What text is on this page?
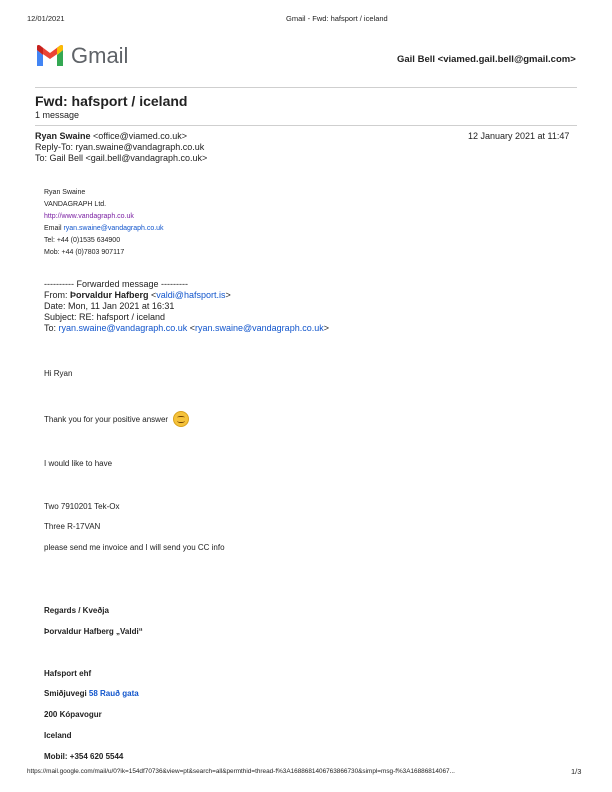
12/01/2021	Gmail - Fwd: hafsport / iceland
Gmail	Gail Bell <viamed.gail.bell@gmail.com>
Fwd: hafsport / iceland
1 message
Ryan Swaine <office@viamed.co.uk>	12 January 2021 at 11:47
Reply-To: ryan.swaine@vandagraph.co.uk
To: Gail Bell <gail.bell@vandagraph.co.uk>
Ryan Swaine
VANDAGRAPH Ltd.
http://www.vandagraph.co.uk
Email ryan.swaine@vandagraph.co.uk
Tel: +44 (0)1535 634900
Mob: +44 (0)7803 907117
---------- Forwarded message ---------
From: Þorvaldur Hafberg <valdi@hafsport.is>
Date: Mon, 11 Jan 2021 at 16:31
Subject: RE: hafsport / iceland
To: ryan.swaine@vandagraph.co.uk <ryan.swaine@vandagraph.co.uk>
Hi Ryan
Thank you for your positive answer
I would like to have
Two 7910201 Tek-Ox
Three R-17VAN
please send me invoice and I will send you CC info
Regards / Kveðja
Þorvaldur Hafberg „Valdi“
Hafsport ehf
Smiðjuvegi 58 Rauð gata
200 Kópavogur
Iceland
Mobil: +354 620 5544
https://mail.google.com/mail/u/0?ik=154df70736&view=pt&search=all&permthid=thread-f%3A1688681406763866730&simpl=msg-f%3A16886814067...	1/3
